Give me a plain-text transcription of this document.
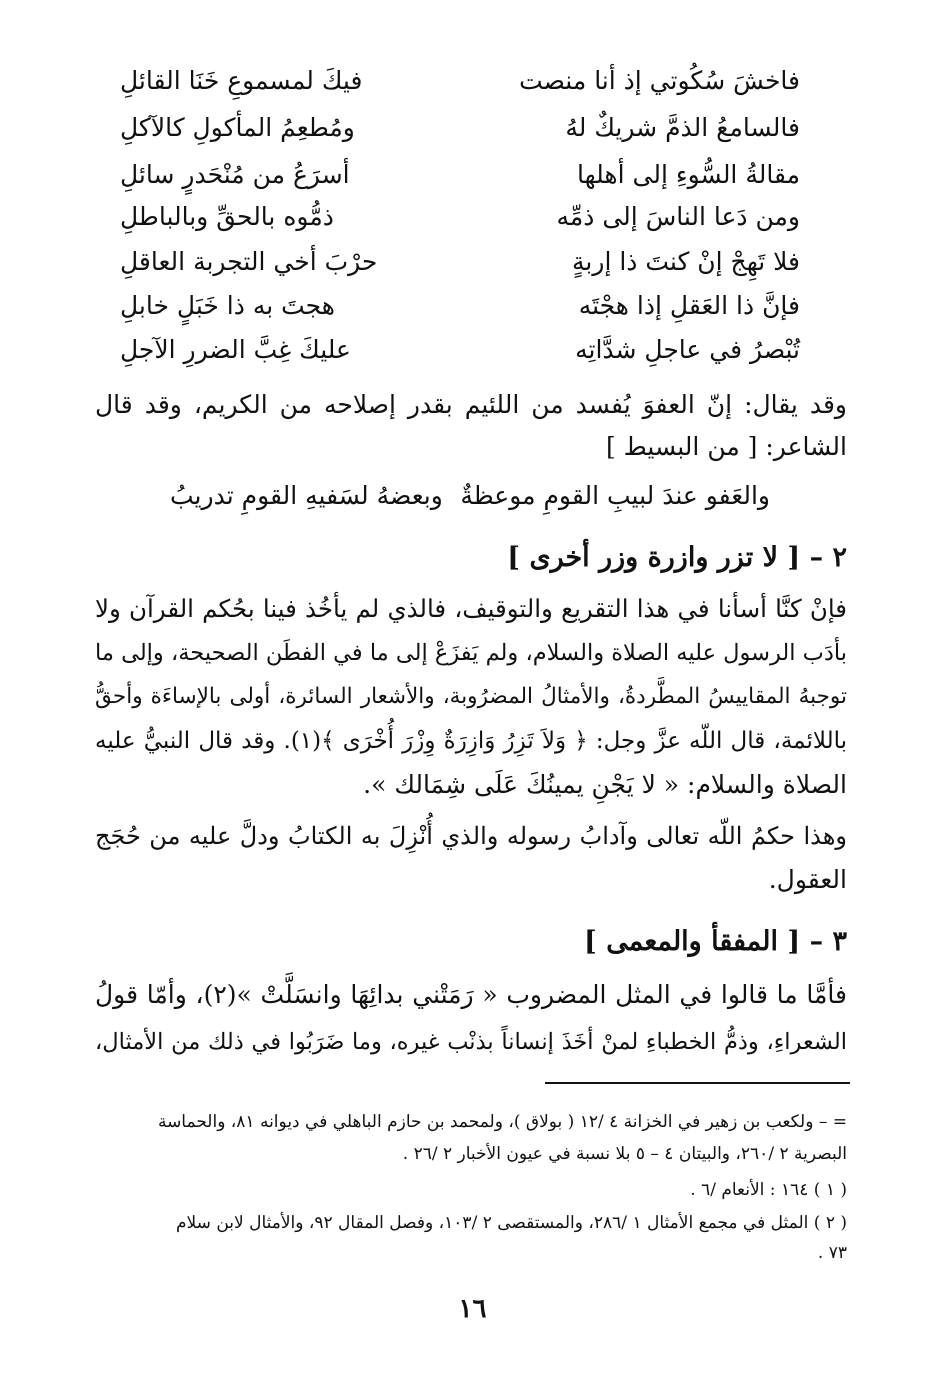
فاخشَ سُكُوتي إذ أنا منصت
فيكَ لمسموعِ خَنَا القائلِ
فالسامعُ الذمَّ شريكٌ لهُ
ومُطعِمُ المأكولِ كالآكلِ
مقالةُ السُّوءِ إلى أهلها
أسرَعُ من مُنْحَدرٍ سائلِ
ومن دَعا الناسَ إلى ذمِّه
ذمُّوه بالحقِّ وبالباطلِ
فلا تَهِجْ إنْ كنتَ ذا إربةٍ
حرْبَ أخي التجربة العاقلِ
فإنَّ ذا العَقلِ إذا هجْتَه
هجتَ به ذا خَبَلٍ خابلِ
تُبْصرُ في عاجلِ شدَّاتِه
عليكَ غِبَّ الضررِ الآجلِ
وقد يقال: إنّ العفوَ يُفسد من اللئيم بقدر إصلاحه من الكريم، وقد قال
الشاعر: [ من البسيط ]
والعَفو عندَ لبيبِ القومِ موعظةٌ
وبعضهُ لسَفيهِ القومِ تدريبُ
٢ – [ لا تزر وازرة وزر أخرى ]
فإنْ كنَّا أسأنا في هذا التقريع والتوقيف، فالذي لم يأخُذ فينا بحُكم القرآن ولا
بأدَب الرسول عليه الصلاة والسلام، ولم يَفزَعْ إلى ما في الفطَن الصحيحة، وإلى ما
توجبهُ المقاييسُ المطَّردةُ، والأمثالُ المضرُوبة، والأشعار السائرة، أولى بالإساءَة وأحقُّ
باللائمة، قال اللّه عزَّ وجل: ﴿ وَلاَ تَزِرُ وَازِرَةٌ وِزْرَ أُخْرَى ﴾(١). وقد قال النبيُّ عليه
الصلاة والسلام: « لا يَجْنِ يمينُكَ عَلَى شِمَالك ».
وهذا حكمُ اللّه تعالى وآدابُ رسوله والذي أُنْزِلَ به الكتابُ ودلَّ عليه من حُجَج
العقول.
٣ – [ المفقأ والمعمى ]
فأمَّا ما قالوا في المثل المضروب « رَمَتْني بدائِهَا وانسَلَّتْ »(٢)، وأمّا قولُ
الشعراءِ، وذمُّ الخطباءِ لمنْ أخَذَ إنساناً بذنْب غيره، وما ضَرَبُوا في ذلك من الأمثال،
= – ولكعب بن زهير في الخزانة ٤ /١٢ ( بولاق )، ولمحمد بن حازم الباهلي في ديوانه ٨١، والحماسة
البصرية ٢ /٢٦٠، والبيتان ٤ – ٥ بلا نسبة في عيون الأخبار ٢ /٢٦ .
( ١ ) ١٦٤ : الأنعام /٦ .
( ٢ ) المثل في مجمع الأمثال ١ /٢٨٦، والمستقصى ٢ /١٠٣، وفصل المقال ٩٢، والأمثال لابن سلام
٧٣ .
١٦
